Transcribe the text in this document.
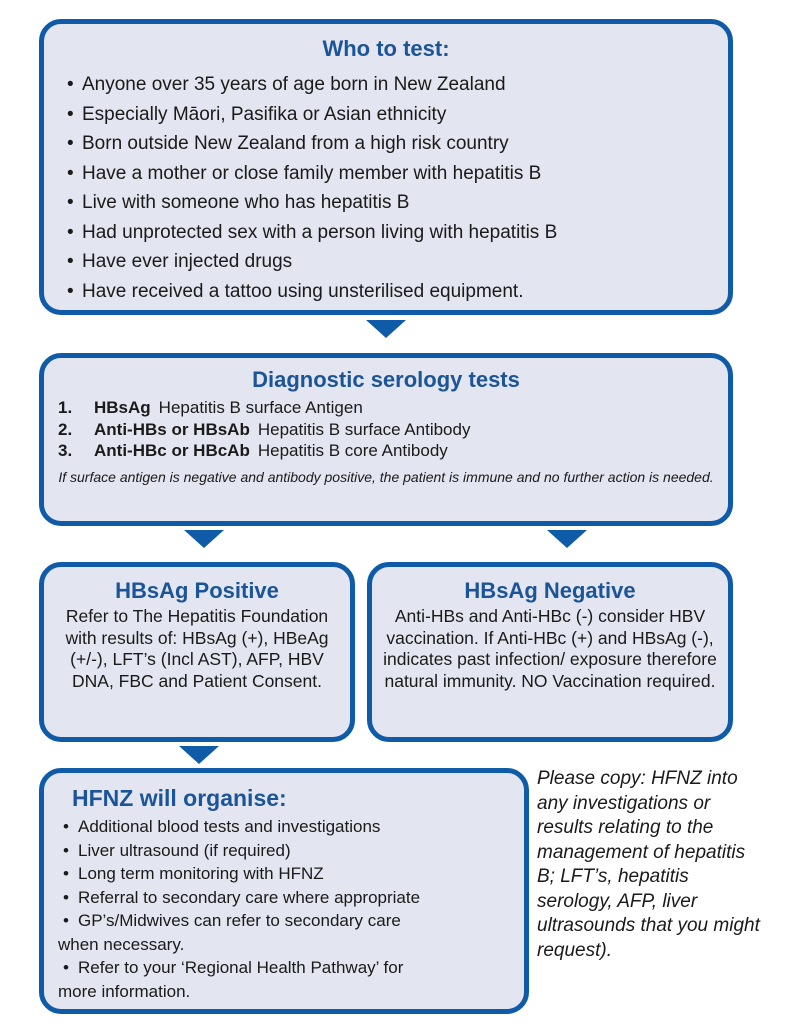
Who to test:
• Anyone over 35 years of age born in New Zealand
• Especially Māori, Pasifika or Asian ethnicity
• Born outside New Zealand from a high risk country
• Have a mother or close family member with hepatitis B
• Live with someone who has hepatitis B
• Had unprotected sex with a person living with hepatitis B
• Have ever injected drugs
• Have received a tattoo using unsterilised equipment.
Diagnostic serology tests
1.	HBsAg Hepatitis B surface Antigen
2.	Anti-HBs or HBsAb Hepatitis B surface Antibody
3.	Anti-HBc or HBcAb Hepatitis B core Antibody
If surface antigen is negative and antibody positive, the patient is immune and no further action is needed.
HBsAg Positive
Refer to The Hepatitis Foundation with results of: HBsAg (+), HBeAg (+/-), LFT’s (Incl AST), AFP, HBV DNA, FBC and Patient Consent.
HBsAg Negative
Anti-HBs and Anti-HBc (-) consider HBV vaccination. If Anti-HBc (+) and HBsAg (-), indicates past infection/ exposure therefore natural immunity. NO Vaccination required.
HFNZ will organise:
• Additional blood tests and investigations
• Liver ultrasound (if required)
• Long term monitoring with HFNZ
• Referral to secondary care where appropriate
• GP’s/Midwives can refer to secondary care
when necessary.
• Refer to your ‘Regional Health Pathway’ for
more information.
Please copy: HFNZ into any investigations or results relating to the management of hepatitis B; LFT’s, hepatitis serology, AFP, liver ultrasounds that you might request).
